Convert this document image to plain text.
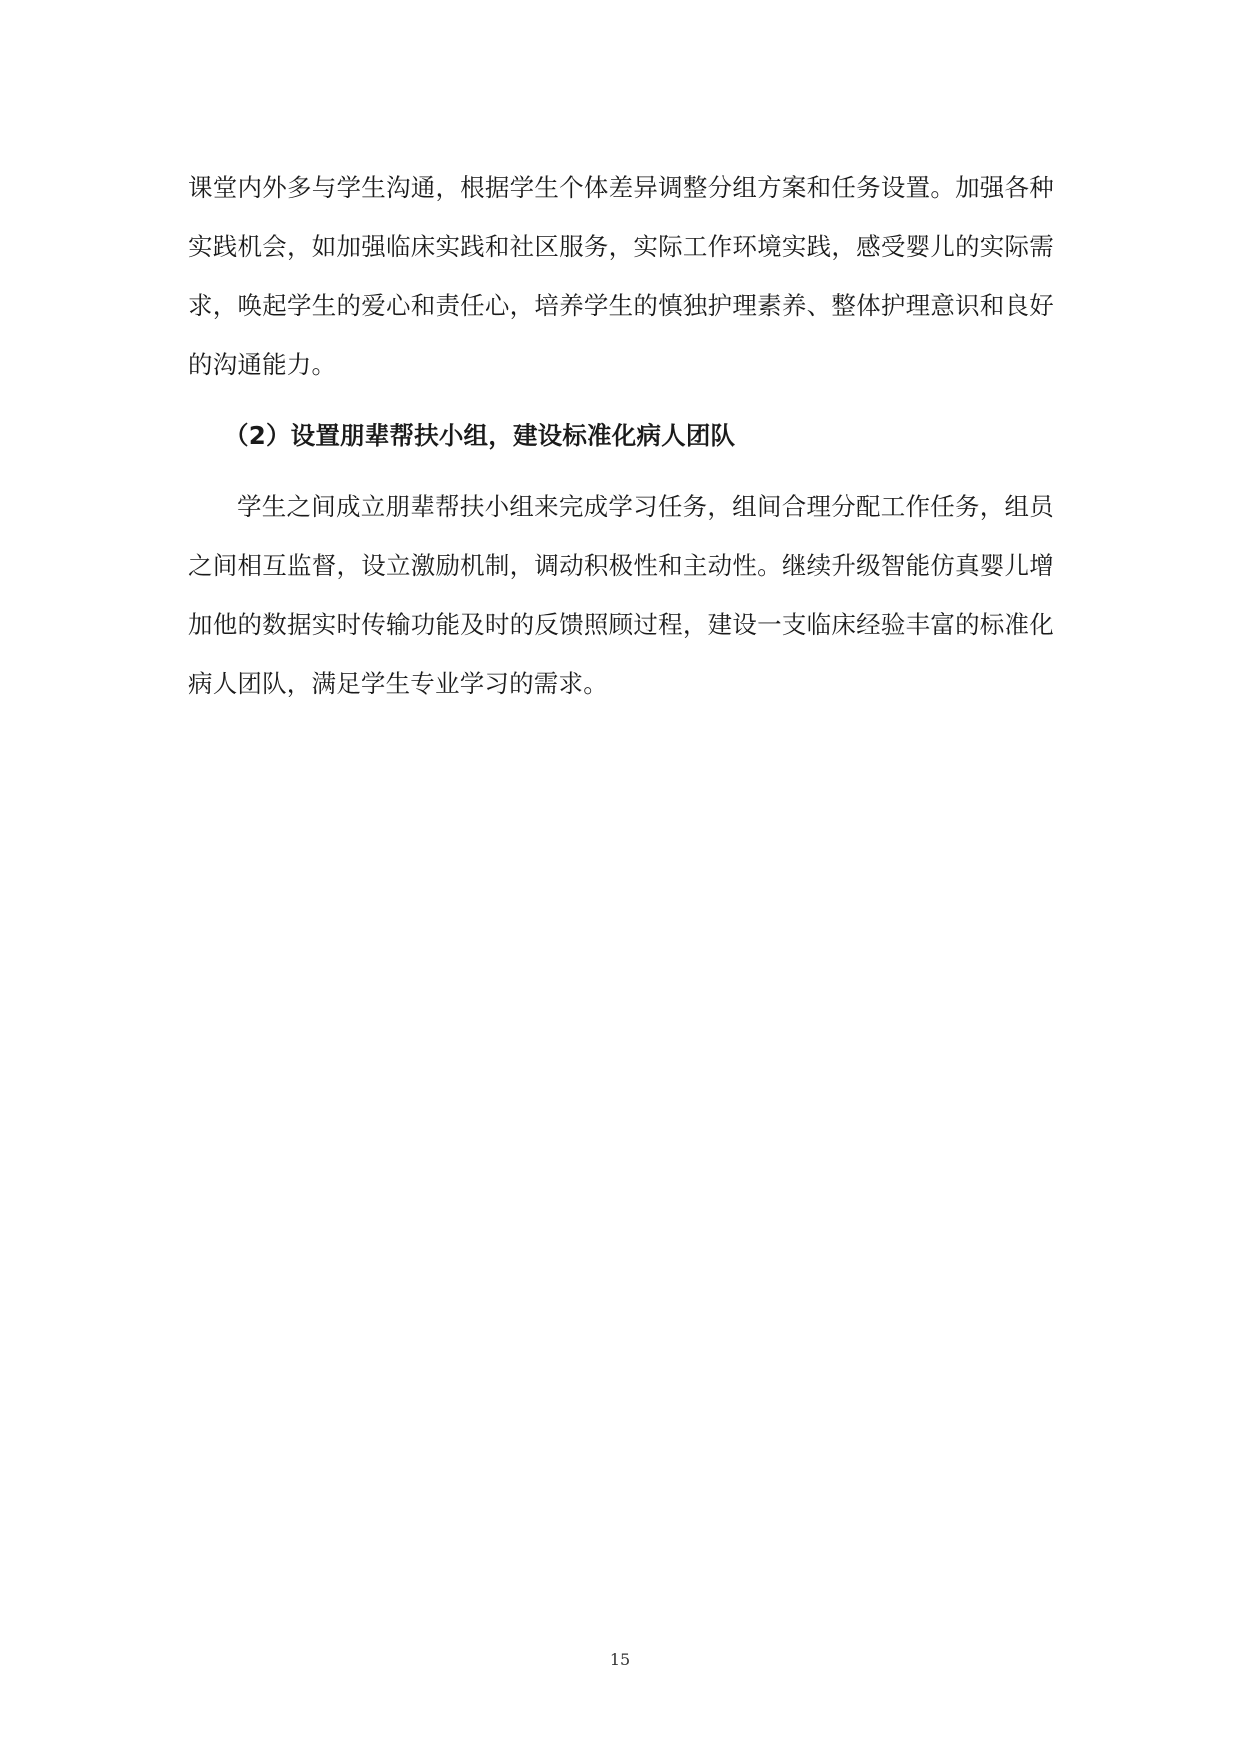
课堂内外多与学生沟通，根据学生个体差异调整分组方案和任务设置。加强各种实践机会，如加强临床实践和社区服务，实际工作环境实践，感受婴儿的实际需求，唤起学生的爱心和责任心，培养学生的慎独护理素养、整体护理意识和良好的沟通能力。

（2）设置朋辈帮扶小组，建设标准化病人团队

学生之间成立朋辈帮扶小组来完成学习任务，组间合理分配工作任务，组员之间相互监督，设立激励机制，调动积极性和主动性。继续升级智能仿真婴儿增加他的数据实时传输功能及时的反馈照顾过程，建设一支临床经验丰富的标准化病人团队，满足学生专业学习的需求。

15
